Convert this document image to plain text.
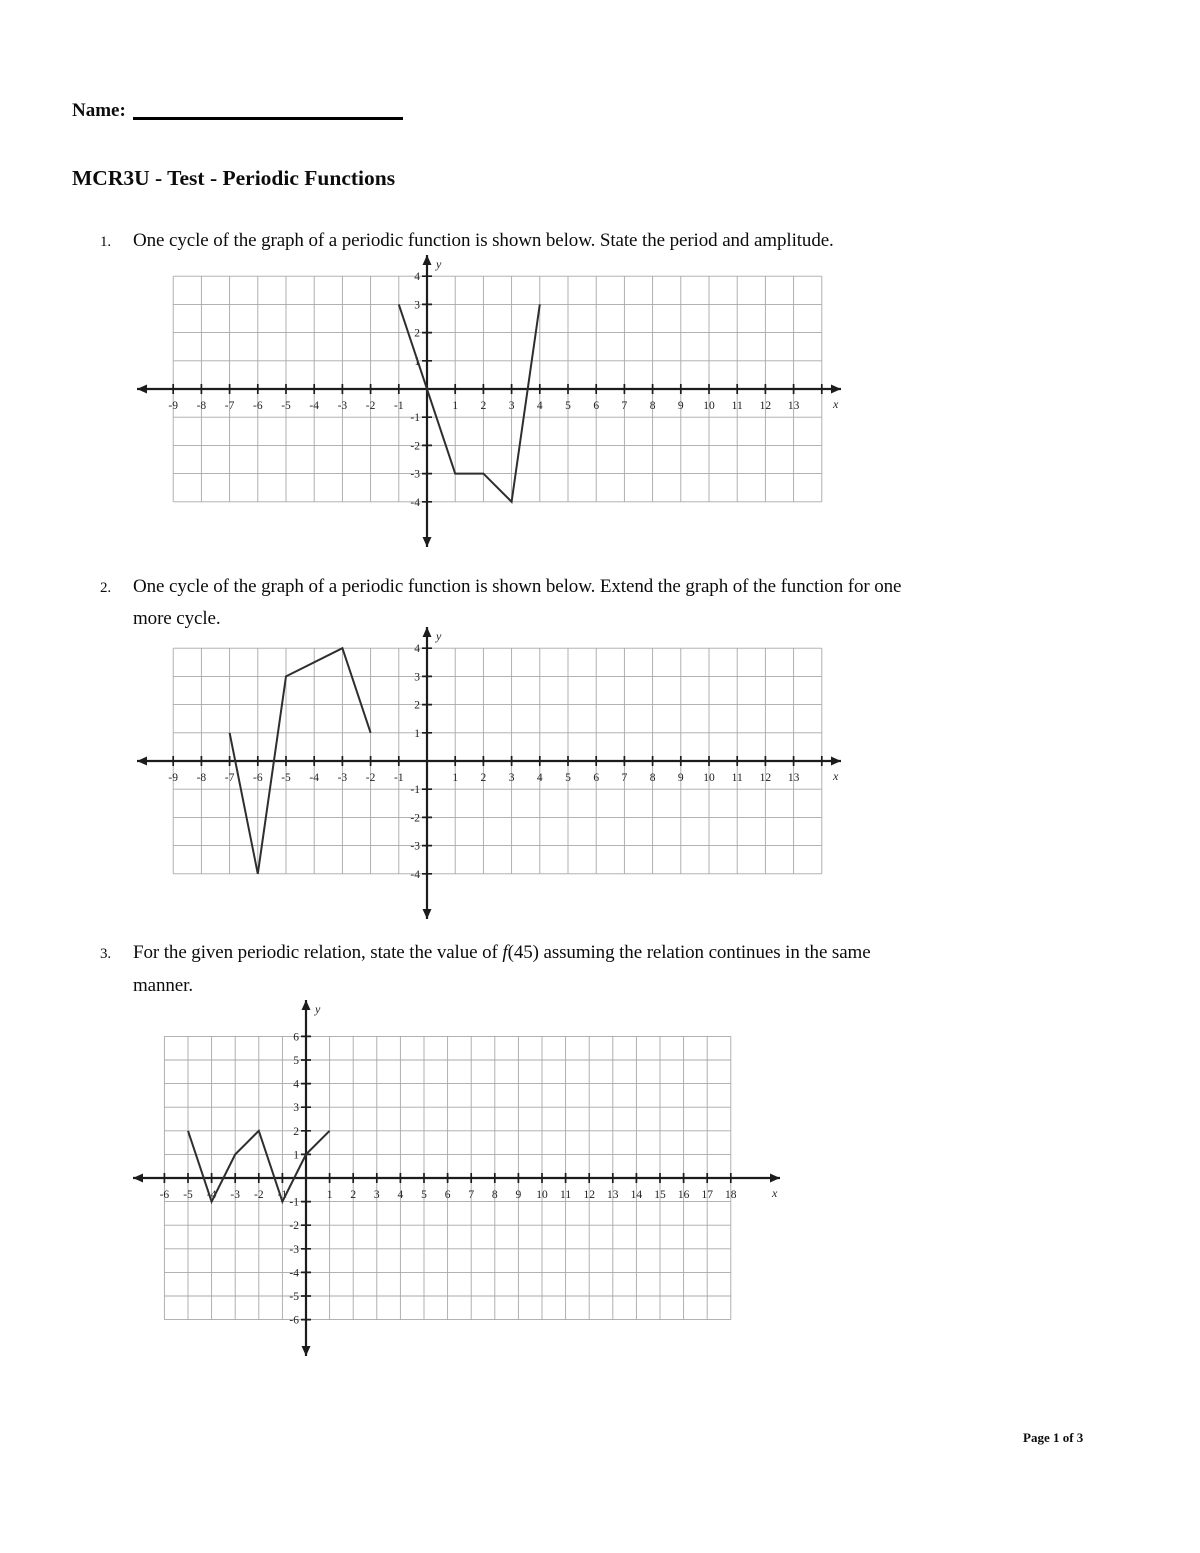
Name:
MCR3U - Test - Periodic Functions
1. One cycle of the graph of a periodic function is shown below. State the period and amplitude.
-9 -8 -7 -6 -5 -4 -3 -2 -1	1 2 3 4 5 6 7 8 9 10 11 12 13
-4
-3
-2
-1
1
2
3
4
x
y
2. One cycle of the graph of a periodic function is shown below. Extend the graph of the function for one
more cycle.
-9 -8 -7 -6 -5 -4 -3 -2 -1	1 2 3 4 5 6 7 8 9 10 11 12 13
-4
-3
-2
-1
1
2
3
4
x
y
3. For the given periodic relation, state the value of f(45) assuming the relation continues in the same
manner.
-6 -5 -4 -3 -2 -1	1 2 3 4 5 6 7 8 9 10 11 12 13 14 15 16 17 18
-6
-5
-4
-3
-2
-1
1
2
3
4
5
6
x
y
Page 1 of 3
